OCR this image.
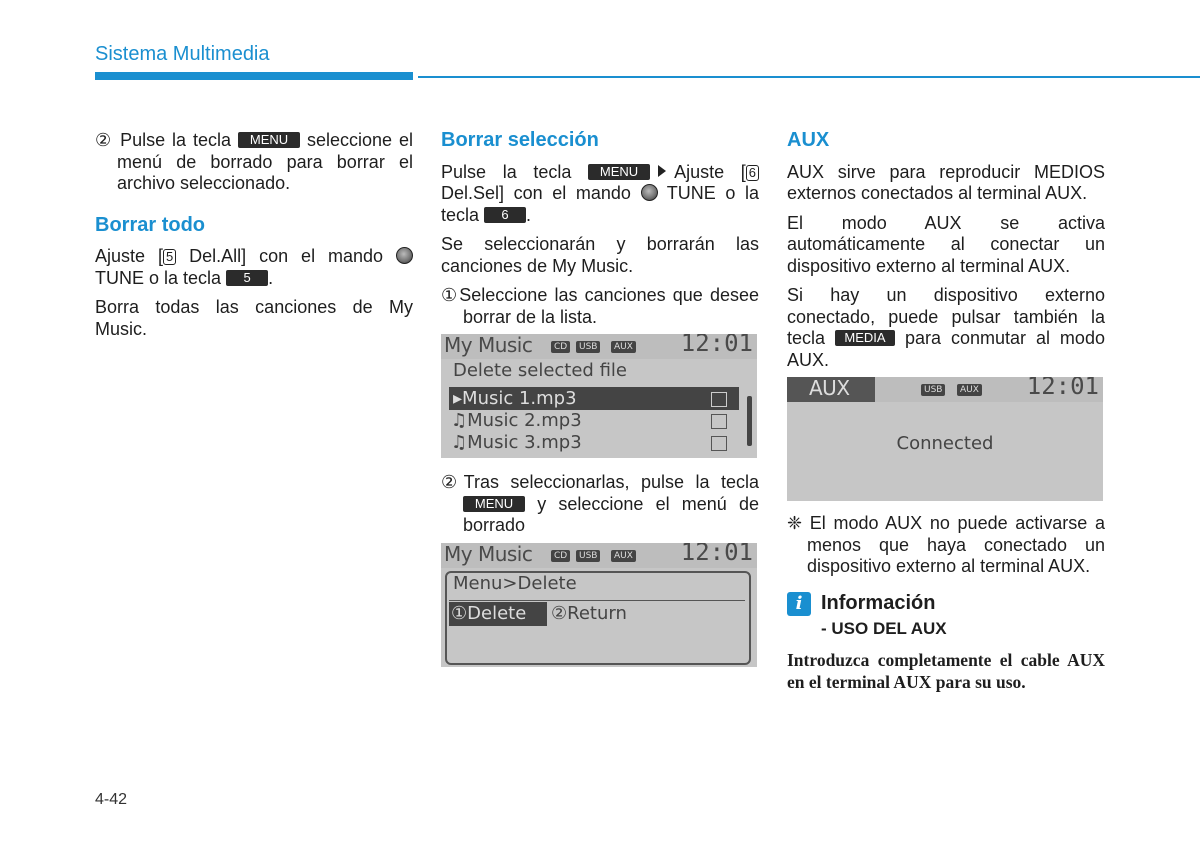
Sistema Multimedia

② Pulse la tecla MENU seleccione el menú de borrado para borrar el archivo seleccionado.

Borrar todo

Ajuste [ 5 Del.All] con el mando  TUNE o la tecla 5 .

Borra todas las canciones de My Music.

Borrar selección

Pulse la tecla MENU Ajuste [ 6 Del.Sel] con el mando TUNE o la tecla 6 .

Se seleccionarán y borrarán las canciones de My Music.

①Seleccione las canciones que desee borrar de la lista.

My Music	CD	USB	AUX 12:01
Delete selected file
▸Music 1.mp3
♫Music 2.mp3
♫Music 3.mp3

②Tras seleccionarlas, pulse la tecla MENU y seleccione el menú de borrado

My Music	CD	USB	AUX 12:01
Menu>Delete
①Delete ②Return
AUX

AUX sirve para reproducir MEDIOS externos conectados al terminal AUX.

El modo AUX se activa automáticamente al conectar un dispositivo externo al terminal AUX.

Si hay un dispositivo externo conectado, puede pulsar también la tecla MEDIA para conmutar al modo AUX.

AUX	USB	AUX 12:01
Connected

❈ El modo AUX no puede activarse a menos que haya conectado un dispositivo externo al terminal AUX.

i Información
- USO DEL AUX
Introduzca completamente el cable AUX en el terminal AUX para su uso.
4-42
